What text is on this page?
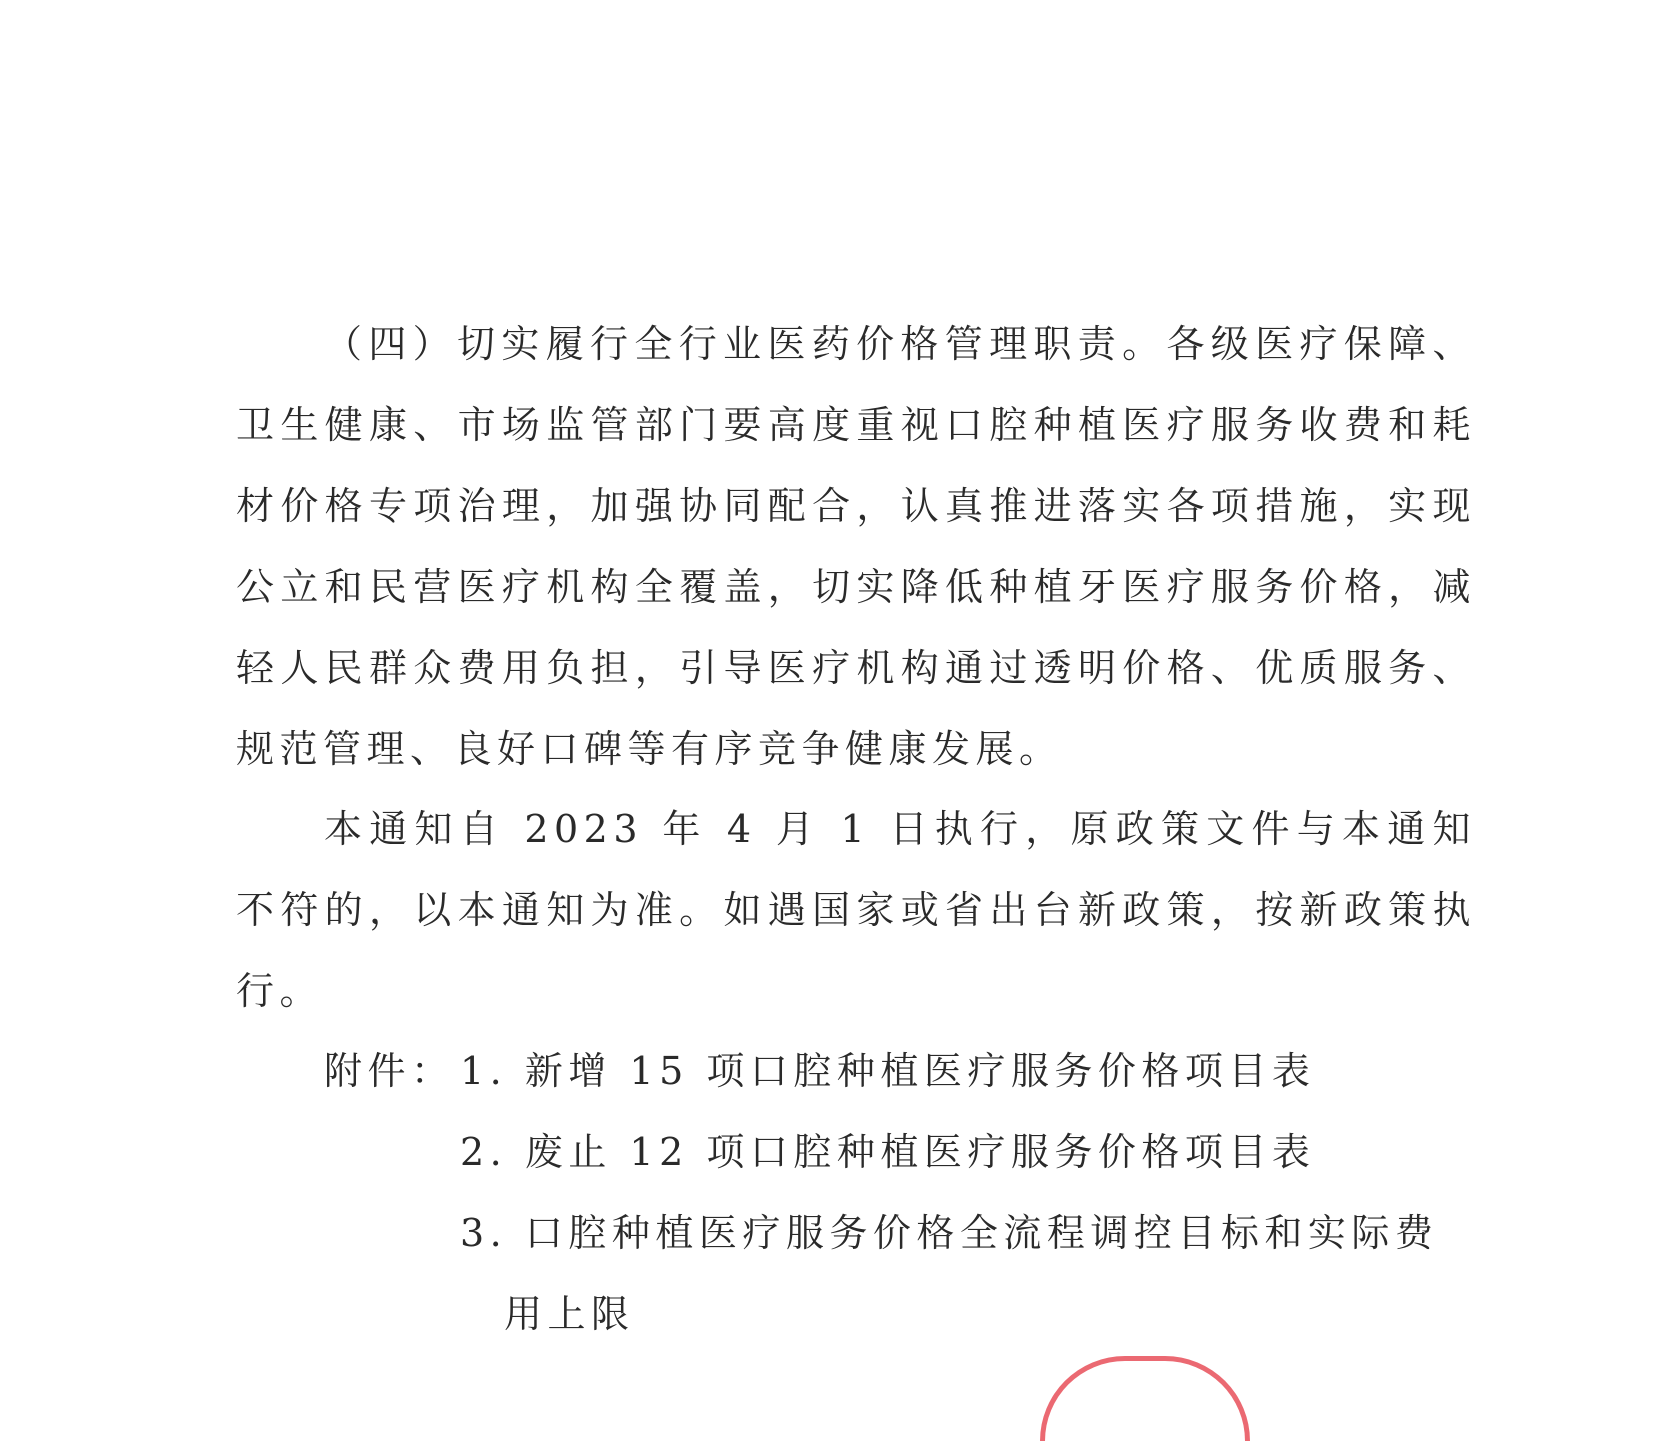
（四）切实履行全行业医药价格管理职责。各级医疗保障、卫生健康、市场监管部门要高度重视口腔种植医疗服务收费和耗材价格专项治理，加强协同配合，认真推进落实各项措施，实现公立和民营医疗机构全覆盖，切实降低种植牙医疗服务价格，减轻人民群众费用负担，引导医疗机构通过透明价格、优质服务、规范管理、良好口碑等有序竞争健康发展。

本通知自 2023 年 4 月 1 日执行，原政策文件与本通知不符的，以本通知为准。如遇国家或省出台新政策，按新政策执行。

附件： 1. 新增 15 项口腔种植医疗服务价格项目表

2. 废止 12 项口腔种植医疗服务价格项目表

3. 口腔种植医疗服务价格全流程调控目标和实际费

用上限
